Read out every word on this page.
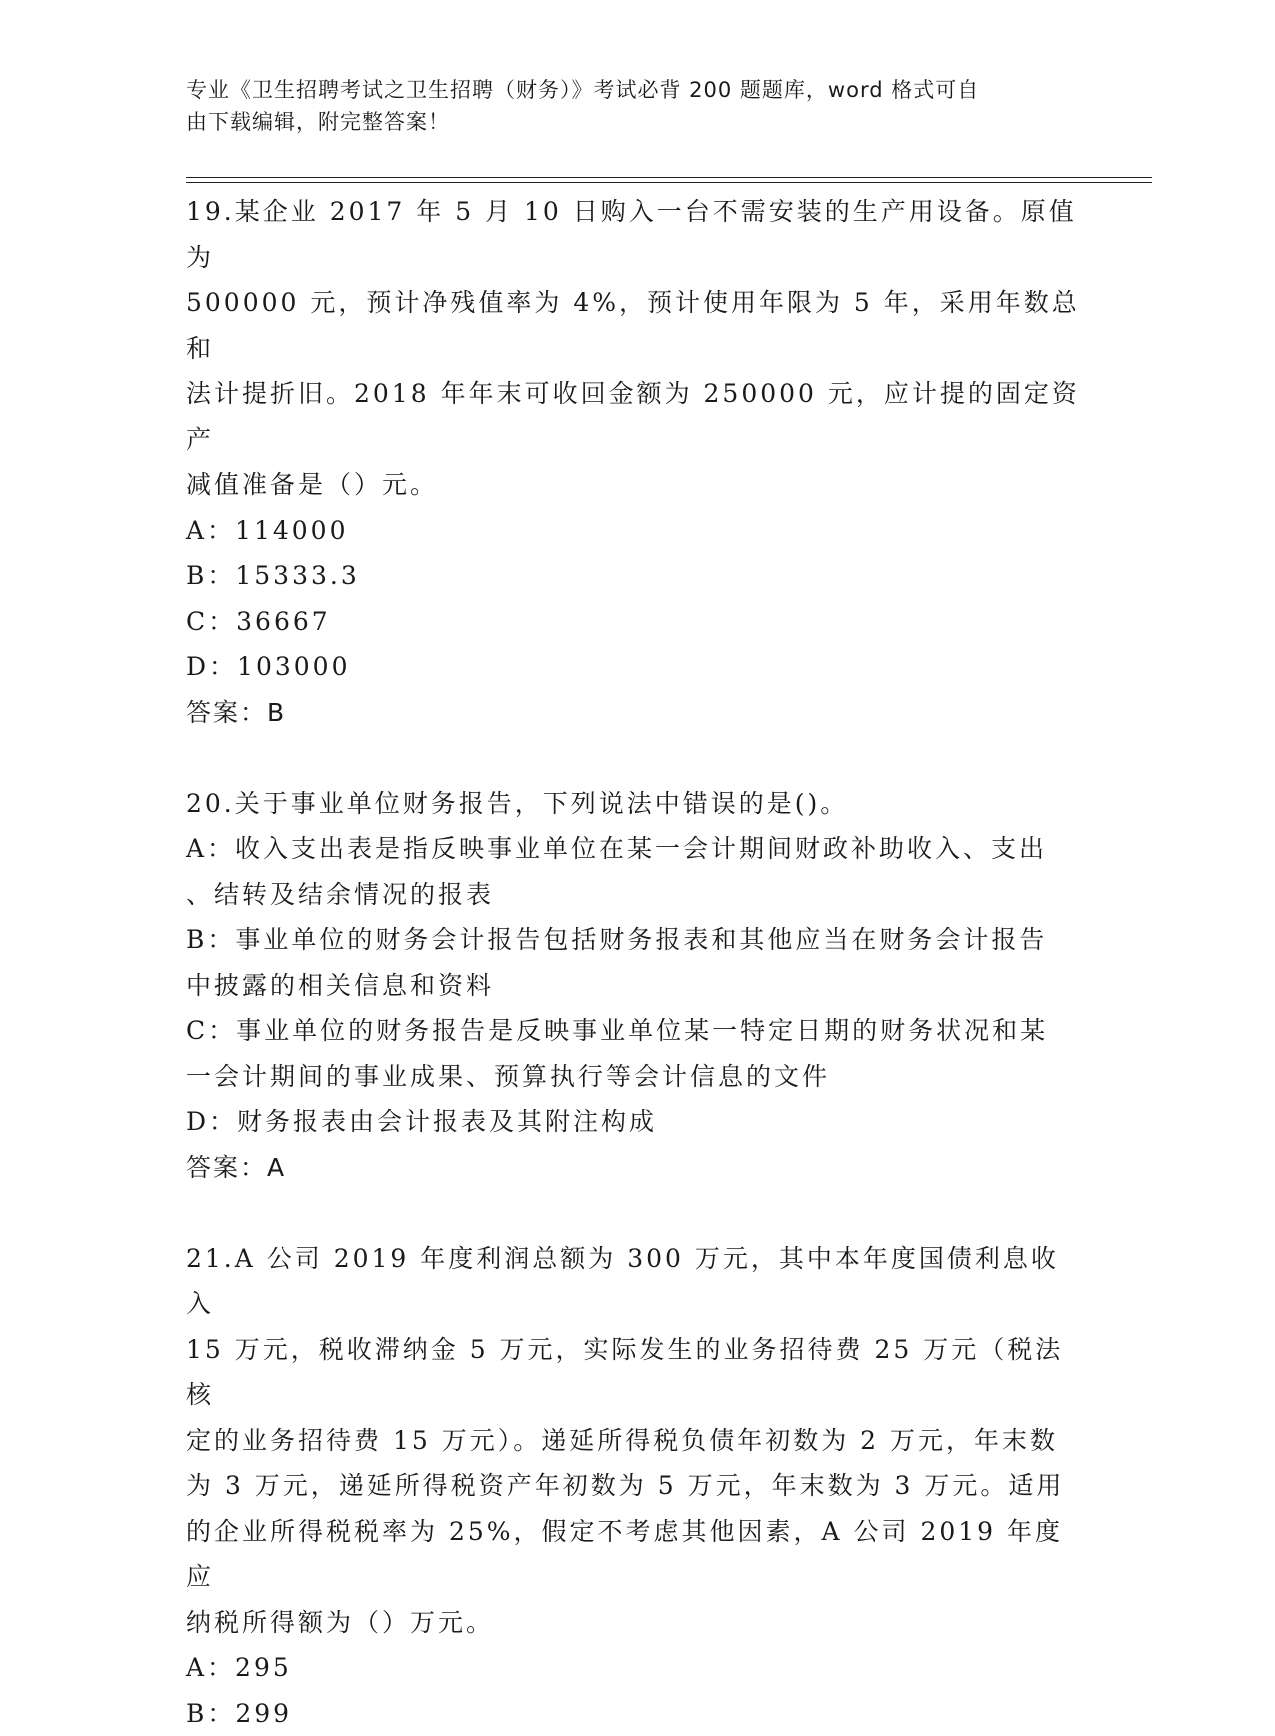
专业《卫生招聘考试之卫生招聘（财务）》考试必背 200 题题库，word 格式可自
由下载编辑，附完整答案！

19.某企业 2017 年 5 月 10 日购入一台不需安装的生产用设备。原值为

500000 元，预计净残值率为 4%，预计使用年限为 5 年，采用年数总和

法计提折旧。2018 年年末可收回金额为 250000 元，应计提的固定资产

减值准备是（）元。

A：114000

B：15333.3

C：36667

D：103000

答案：B

20.关于事业单位财务报告，下列说法中错误的是()。

A：收入支出表是指反映事业单位在某一会计期间财政补助收入、支出

、结转及结余情况的报表

B：事业单位的财务会计报告包括财务报表和其他应当在财务会计报告

中披露的相关信息和资料

C：事业单位的财务报告是反映事业单位某一特定日期的财务状况和某

一会计期间的事业成果、预算执行等会计信息的文件

D：财务报表由会计报表及其附注构成

答案：A

21.A 公司 2019 年度利润总额为 300 万元，其中本年度国债利息收入

15 万元，税收滞纳金 5 万元，实际发生的业务招待费 25 万元（税法核

定的业务招待费 15 万元）。递延所得税负债年初数为 2 万元，年末数

为 3 万元，递延所得税资产年初数为 5 万元，年末数为 3 万元。适用

的企业所得税税率为 25%，假定不考虑其他因素，A 公司 2019 年度应

纳税所得额为（）万元。

A：295

B：299
